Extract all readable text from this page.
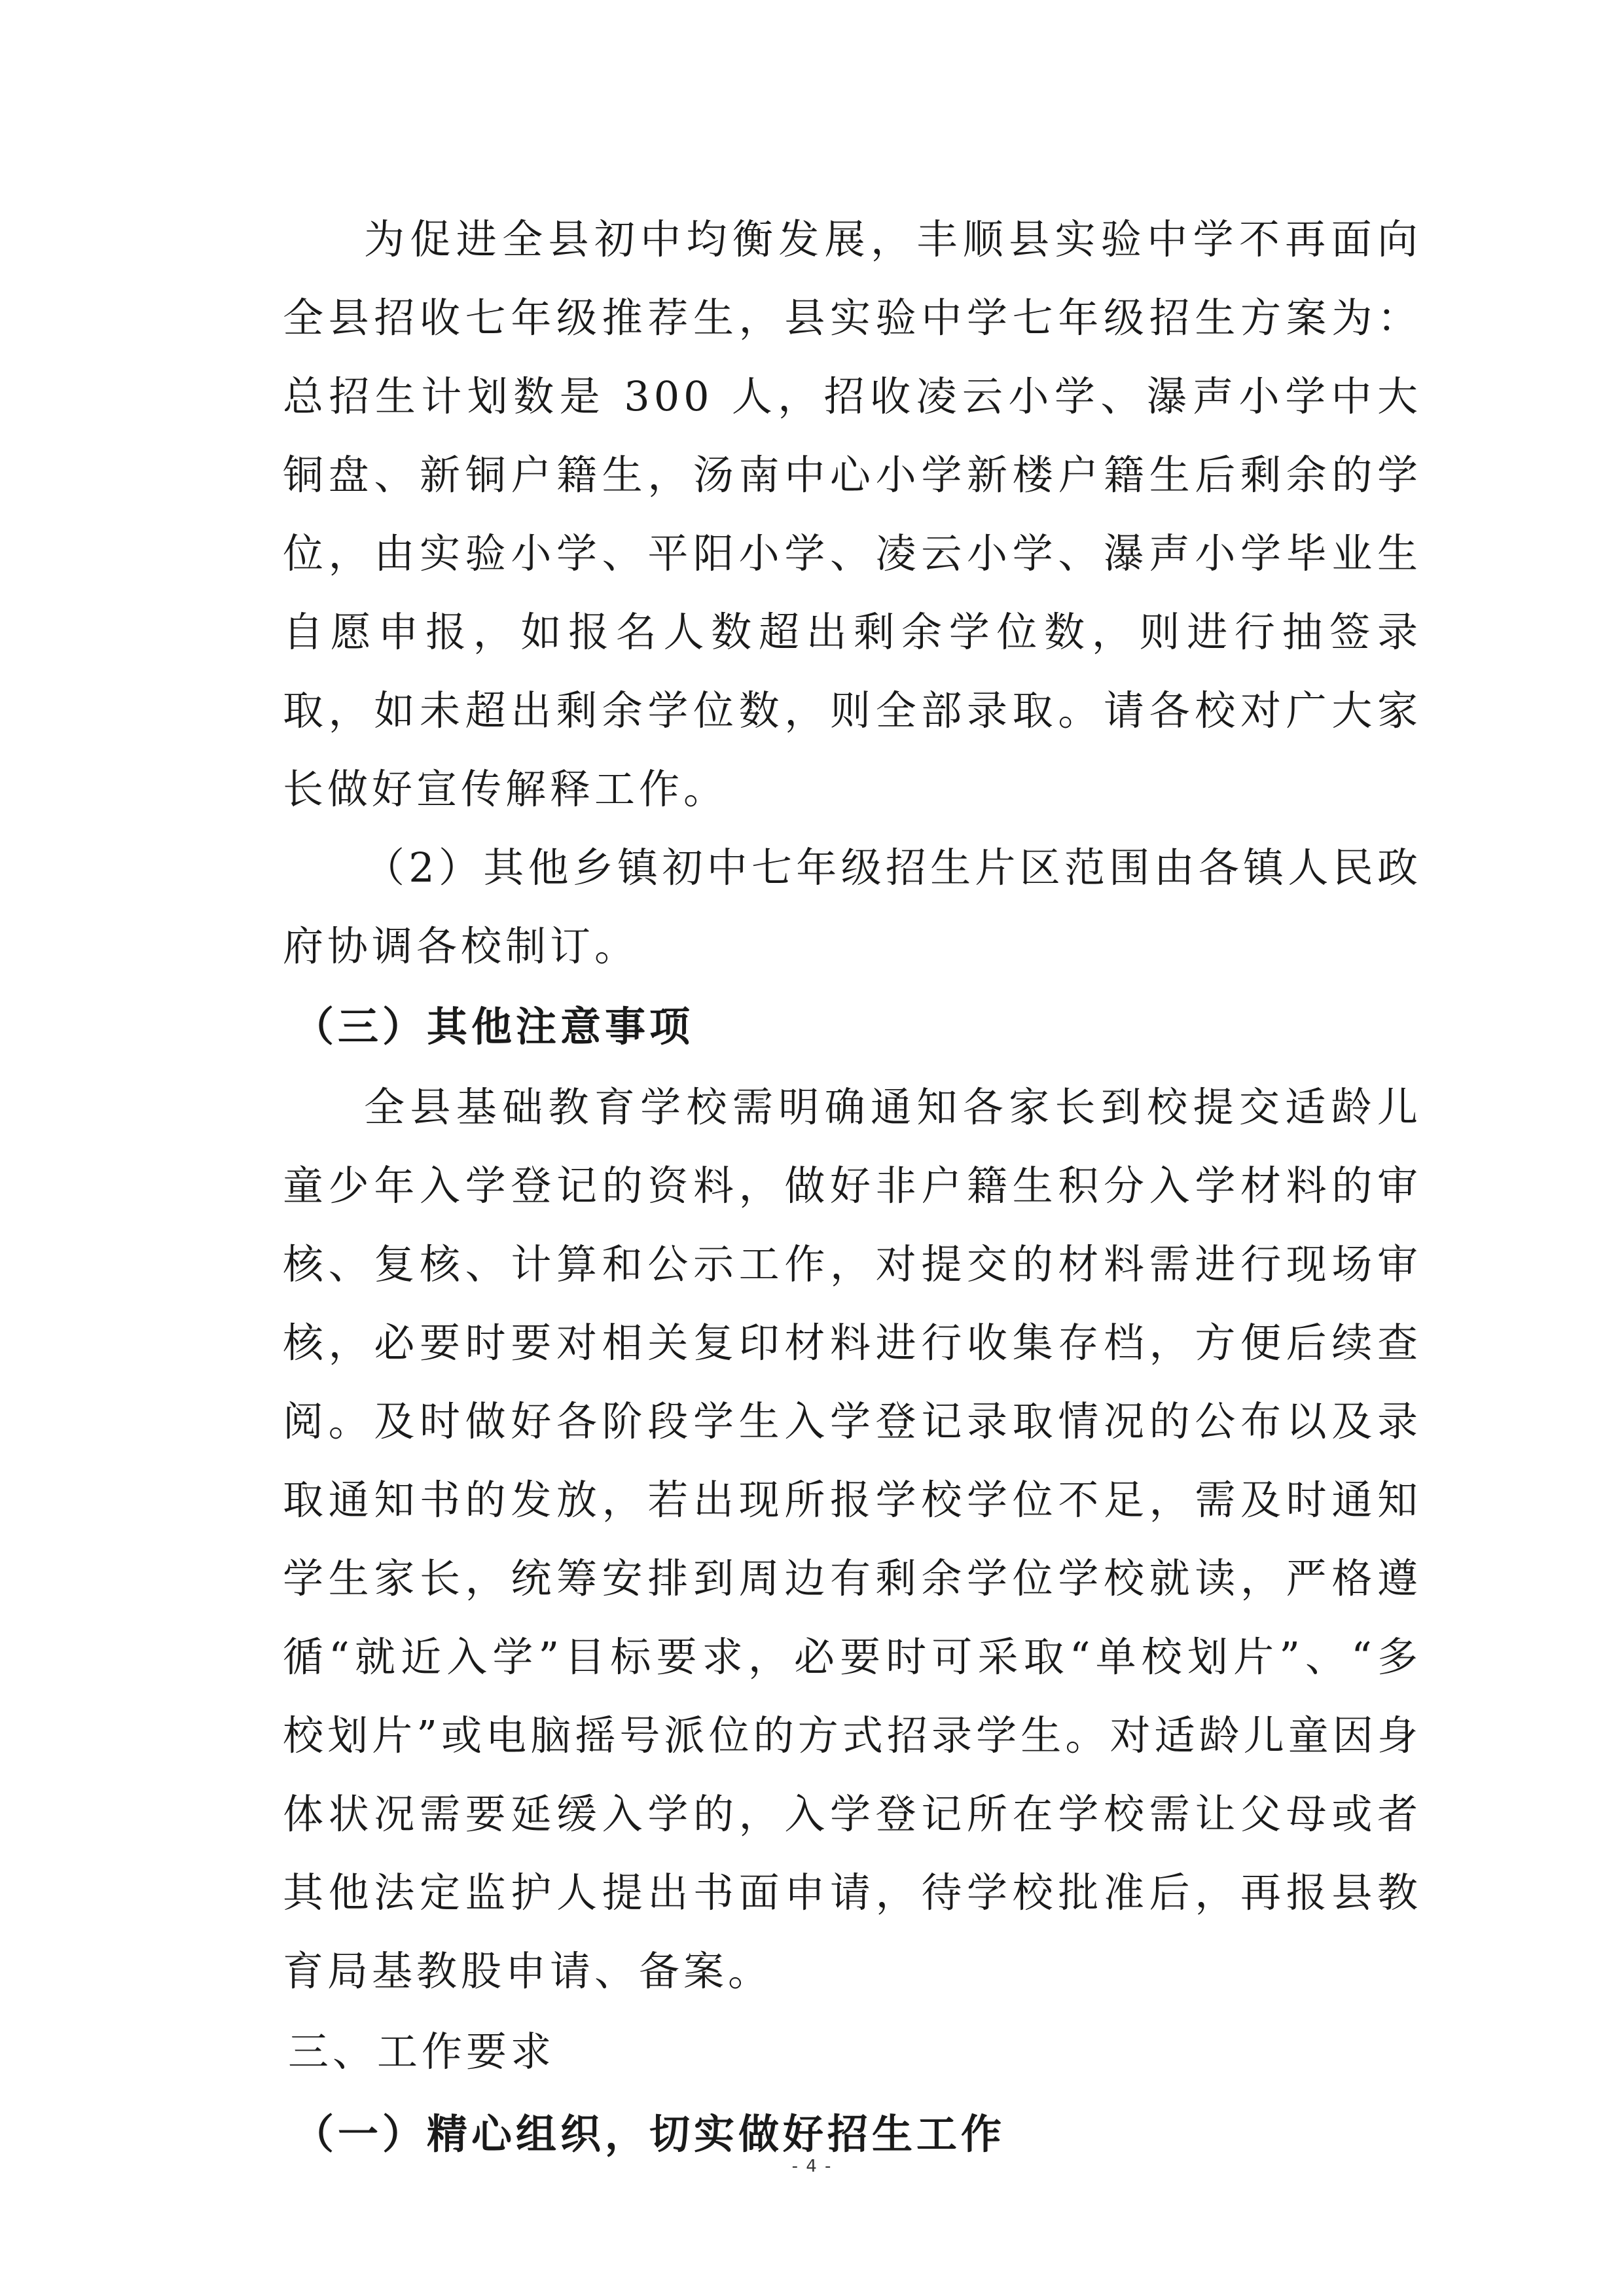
为促进全县初中均衡发展，丰顺县实验中学不再面向全县招收七年级推荐生，县实验中学七年级招生方案为：总招生计划数是 300 人，招收凌云小学、瀑声小学中大铜盘、新铜户籍生，汤南中心小学新楼户籍生后剩余的学位，由实验小学、平阳小学、凌云小学、瀑声小学毕业生自愿申报，如报名人数超出剩余学位数，则进行抽签录取，如未超出剩余学位数，则全部录取。请各校对广大家长做好宣传解释工作。

（2）其他乡镇初中七年级招生片区范围由各镇人民政府协调各校制订。

（三）其他注意事项

全县基础教育学校需明确通知各家长到校提交适龄儿童少年入学登记的资料，做好非户籍生积分入学材料的审核、复核、计算和公示工作，对提交的材料需进行现场审核，必要时要对相关复印材料进行收集存档，方便后续查阅。及时做好各阶段学生入学登记录取情况的公布以及录取通知书的发放，若出现所报学校学位不足，需及时通知学生家长，统筹安排到周边有剩余学位学校就读，严格遵循“就近入学”目标要求，必要时可采取“单校划片”、“多校划片”或电脑摇号派位的方式招录学生。对适龄儿童因身体状况需要延缓入学的，入学登记所在学校需让父母或者其他法定监护人提出书面申请，待学校批准后，再报县教育局基教股申请、备案。

三、工作要求

（一）精心组织，切实做好招生工作

- 4 -
